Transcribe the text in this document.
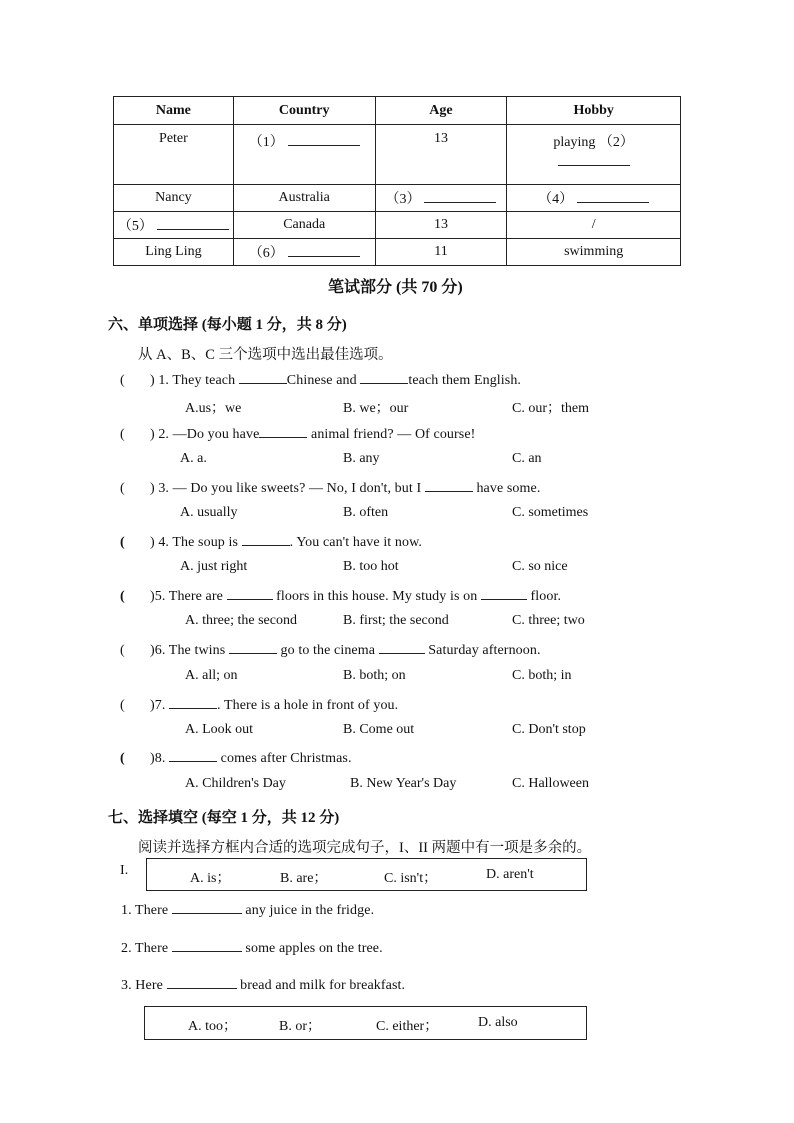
Name	Country	Age	Hobby
Peter	（1）	13	playing （2）

Nancy	Australia	（3）	（4）
（5）	Canada	13	/
Ling Ling	（6）	11	swimming
笔试部分 (共 70 分)
六、单项选择 (每小题 1 分，共 8 分)
从 A、B、C 三个选项中选出最佳选项。
(       ) 1. They teach	Chinese and	teach them English.
A.us；we	B. we；our	C. our；them
(       ) 2. —Do you have	animal friend? — Of course!
A. a.	B. any	C. an
(       ) 3. — Do you like sweets? — No, I don't, but I	have some.
A. usually	B. often	C. sometimes
(       ) 4. The soup is	. You can't have it now.
A. just right	B. too hot	C. so nice
(       )5. There are	floors in this house. My study is on	floor.
A. three; the second	B. first; the second	C. three; two
(       )6. The twins	go to the cinema	Saturday afternoon.
A. all; on	B. both; on	C. both; in
(       )7.	. There is a hole in front of you.
A. Look out	B. Come out	C. Don't stop
(       )8.	comes after Christmas.
A. Children's Day	B. New Year's Day	C. Halloween
七、选择填空 (每空 1 分，共 12 分)
阅读并选择方框内合适的选项完成句子，I、II 两题中有一项是多余的。
I.
A. is；	B. are；	C. isn't；	D. aren't
1. There	any juice in the fridge.
2. There	some apples on the tree.
3. Here	bread and milk for breakfast.
A. too；	B. or；	C. either；	D. also
